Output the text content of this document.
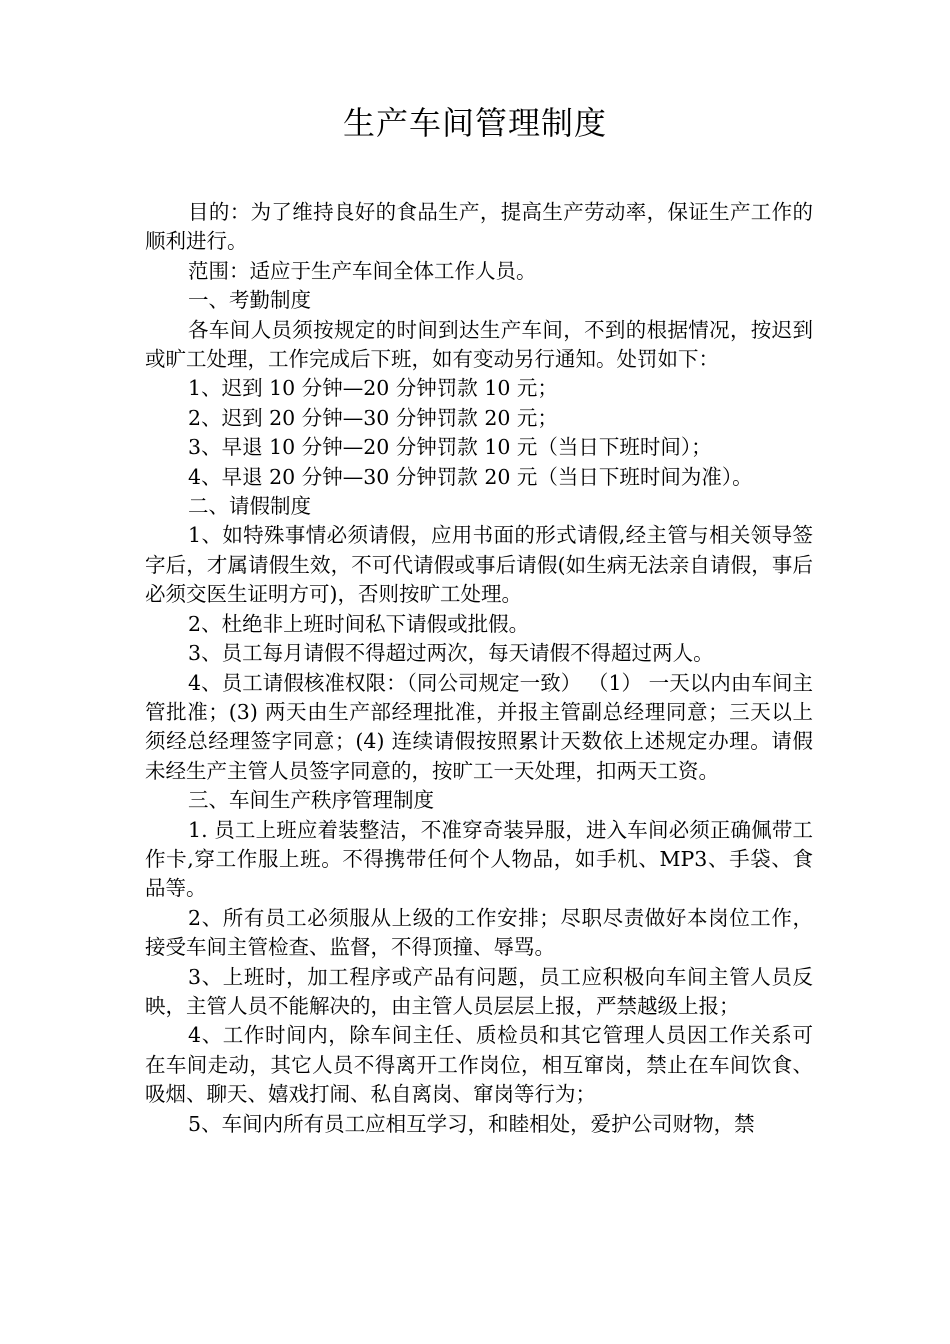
生产车间管理制度

目的：为了维持良好的食品生产，提高生产劳动率，保证生产工作的顺利进行。

范围：适应于生产车间全体工作人员。

一、考勤制度

各车间人员须按规定的时间到达生产车间，不到的根据情况，按迟到或旷工处理，工作完成后下班，如有变动另行通知。处罚如下：

1、迟到 10 分钟—20 分钟罚款 10 元；

2、迟到 20 分钟—30 分钟罚款 20 元；

3、早退 10 分钟—20 分钟罚款 10 元（当日下班时间）；

4、早退 20 分钟—30 分钟罚款 20 元（当日下班时间为准）。

二、请假制度

1、如特殊事情必须请假，应用书面的形式请假,经主管与相关领导签字后，才属请假生效，不可代请假或事后请假(如生病无法亲自请假，事后必须交医生证明方可)，否则按旷工处理。

2、杜绝非上班时间私下请假或批假。

3、员工每月请假不得超过两次，每天请假不得超过两人。

4、员工请假核准权限：（同公司规定一致） （1） 一天以内由车间主管批准；(3) 两天由生产部经理批准，并报主管副总经理同意；三天以上须经总经理签字同意；(4) 连续请假按照累计天数依上述规定办理。请假未经生产主管人员签字同意的，按旷工一天处理，扣两天工资。

三、车间生产秩序管理制度

1. 员工上班应着装整洁，不准穿奇装异服，进入车间必须正确佩带工作卡,穿工作服上班。不得携带任何个人物品，如手机、MP3、手袋、食品等。

2、所有员工必须服从上级的工作安排；尽职尽责做好本岗位工作，接受车间主管检查、监督，不得顶撞、辱骂。

3、上班时，加工程序或产品有问题，员工应积极向车间主管人员反映，主管人员不能解决的，由主管人员层层上报，严禁越级上报；

4、工作时间内，除车间主任、质检员和其它管理人员因工作关系可在车间走动，其它人员不得离开工作岗位，相互窜岗，禁止在车间饮食、吸烟、聊天、嬉戏打闹、私自离岗、窜岗等行为；

5、车间内所有员工应相互学习，和睦相处，爱护公司财物，禁
